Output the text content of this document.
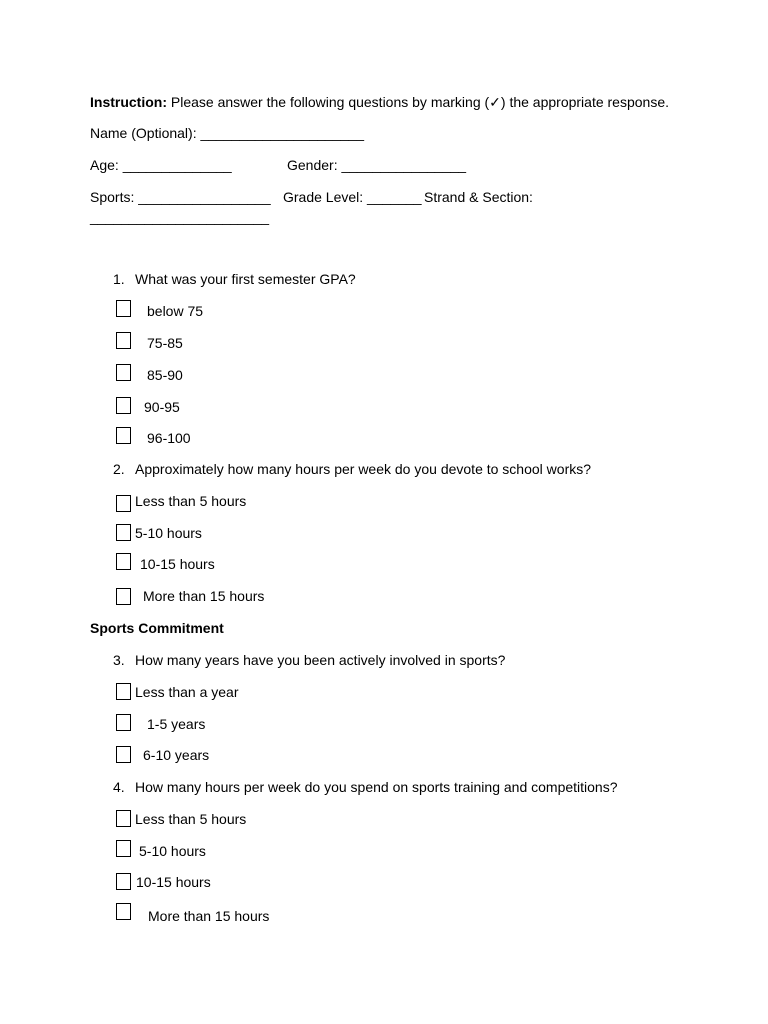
Instruction: Please answer the following questions by marking (✓) the appropriate response.
Name (Optional): _____________________
Age: ______________	Gender: ________________
Sports: _________________ Grade Level: _______ Strand & Section:
_______________________
1. What was your first semester GPA?
below 75
75-85
85-90
90-95
96-100
2. Approximately how many hours per week do you devote to school works?
Less than 5 hours
5-10 hours
10-15 hours
More than 15 hours
Sports Commitment
3. How many years have you been actively involved in sports?
Less than a year
1-5 years
6-10 years
4. How many hours per week do you spend on sports training and competitions?
Less than 5 hours
5-10 hours
10-15 hours
More than 15 hours
